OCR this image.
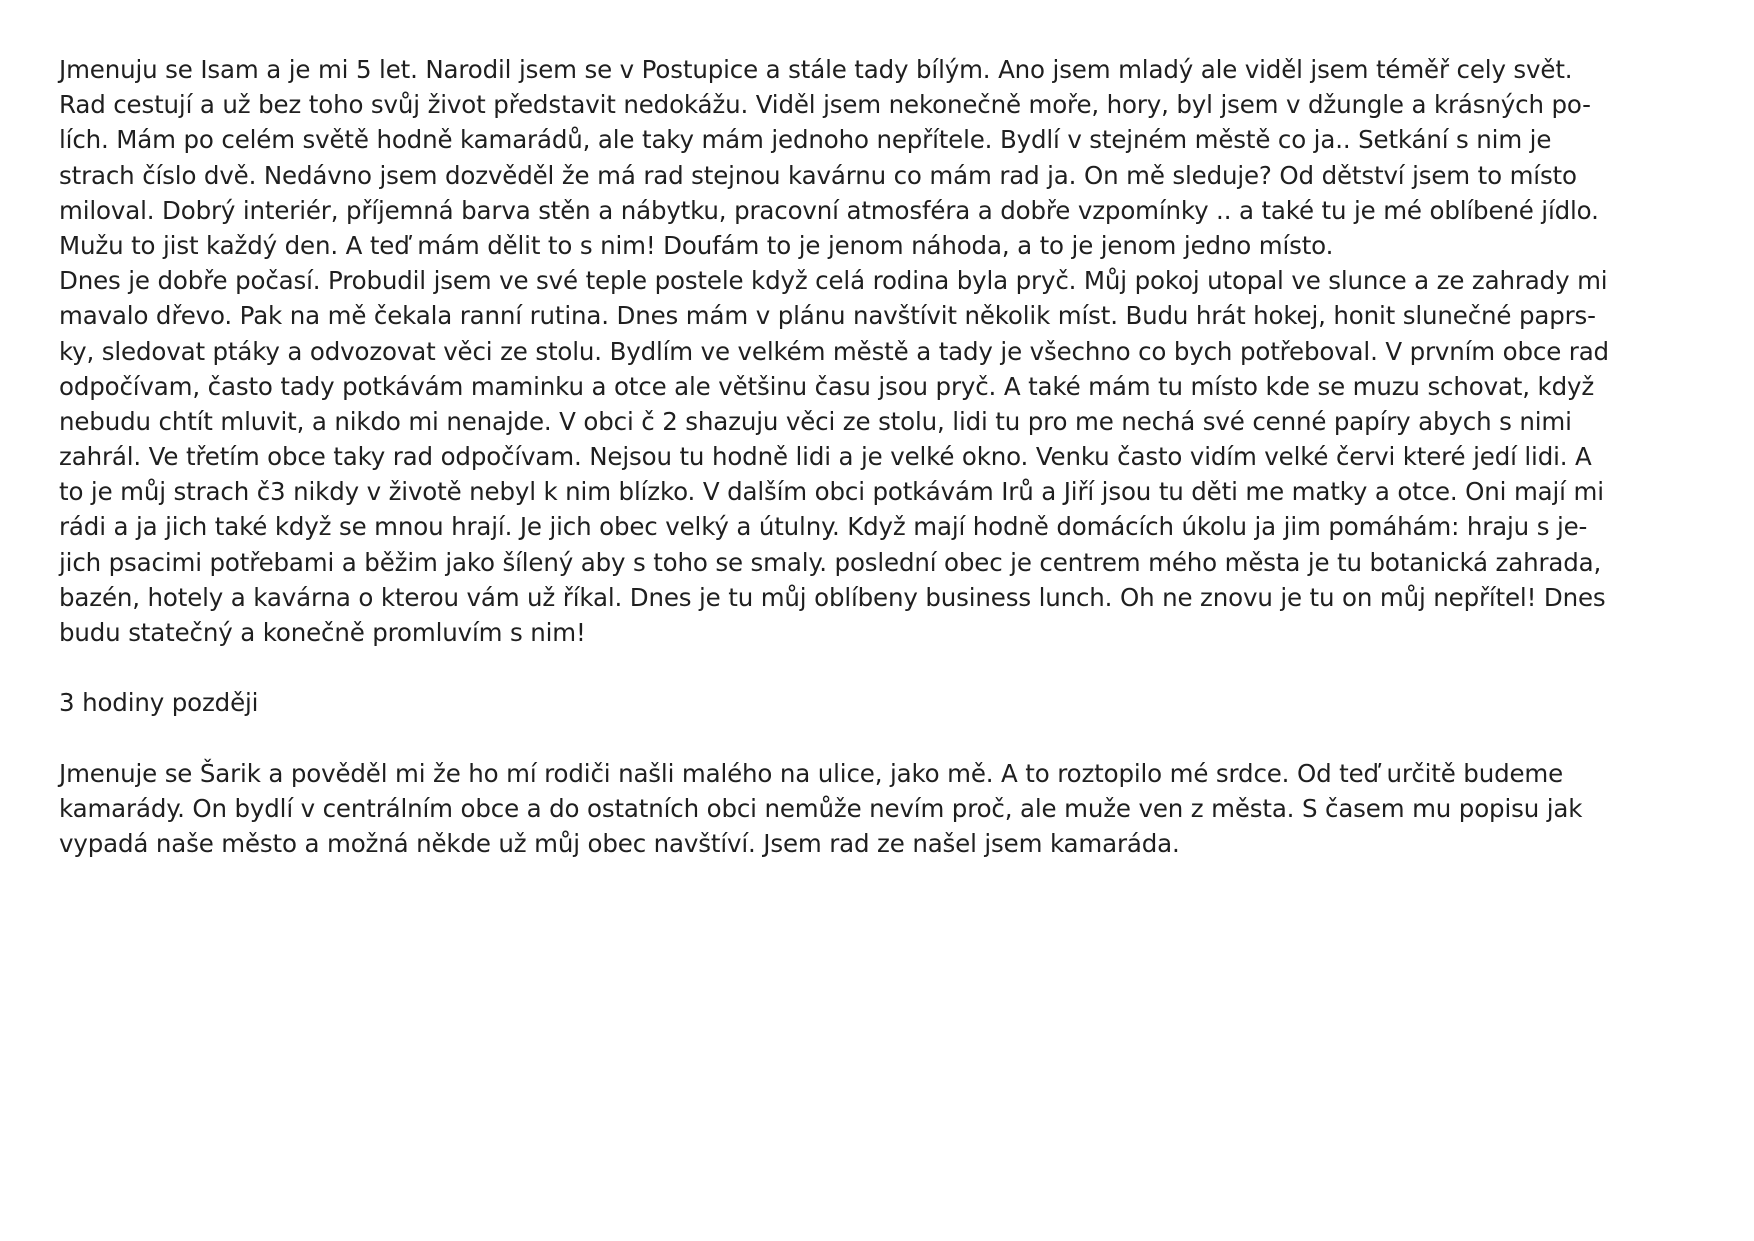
Jmenuju se Isam a je mi 5 let. Narodil jsem se v Postupice a stále tady bílým. Ano jsem mladý ale viděl jsem téměř cely svět.
Rad cestují a už bez toho svůj život představit nedokážu. Viděl jsem nekonečně moře, hory, byl jsem v džungle a krásných po-
lích. Mám po celém světě hodně kamarádů, ale taky mám jednoho nepřítele. Bydlí v stejném městě co ja.. Setkání s nim je
strach číslo dvě. Nedávno jsem dozvěděl že má rad stejnou kavárnu co mám rad ja. On mě sleduje? Od dětství jsem to místo
miloval. Dobrý interiér, příjemná barva stěn a nábytku, pracovní atmosféra a dobře vzpomínky .. a také tu je mé oblíbené jídlo.
Mužu to jist každý den. A teď mám dělit to s nim! Doufám to je jenom náhoda, a to je jenom jedno místo.
Dnes je dobře počasí. Probudil jsem ve své teple postele když celá rodina byla pryč. Můj pokoj utopal ve slunce a ze zahrady mi
mavalo dřevo. Pak na mě čekala ranní rutina. Dnes mám v plánu navštívit několik míst. Budu hrát hokej, honit slunečné paprs-
ky, sledovat ptáky a odvozovat věci ze stolu. Bydlím ve velkém městě a tady je všechno co bych potřeboval. V prvním obce rad
odpočívam, často tady potkávám maminku a otce ale většinu času jsou pryč. A také mám tu místo kde se muzu schovat, když
nebudu chtít mluvit, a nikdo mi nenajde. V obci č 2 shazuju věci ze stolu, lidi tu pro me nechá své cenné papíry abych s nimi
zahrál. Ve třetím obce taky rad odpočívam. Nejsou tu hodně lidi a je velké okno. Venku často vidím velké červi které jedí lidi. A
to je můj strach č3 nikdy v životě nebyl k nim blízko. V dalším obci potkávám Irů a Jiří jsou tu děti me matky a otce. Oni mají mi
rádi a ja jich také když se mnou hrají. Je jich obec velký a útulny. Když mají hodně domácích úkolu ja jim pomáhám: hraju s je-
jich psacimi potřebami a běžim jako šílený aby s toho se smaly. poslední obec je centrem mého města je tu botanická zahrada,
bazén, hotely a kavárna o kterou vám už říkal. Dnes je tu můj oblíbeny business lunch. Oh ne znovu je tu on můj nepřítel! Dnes
budu statečný a konečně promluvím s nim!
3 hodiny později
Jmenuje se Šarik a pověděl mi že ho mí rodiči našli malého na ulice, jako mě. A to roztopilo mé srdce. Od teď určitě budeme
kamarády. On bydlí v centrálním obce a do ostatních obci nemůže nevím proč, ale muže ven z města. S časem mu popisu jak
vypadá naše město a možná někde už můj obec navštíví. Jsem rad ze našel jsem kamaráda.
